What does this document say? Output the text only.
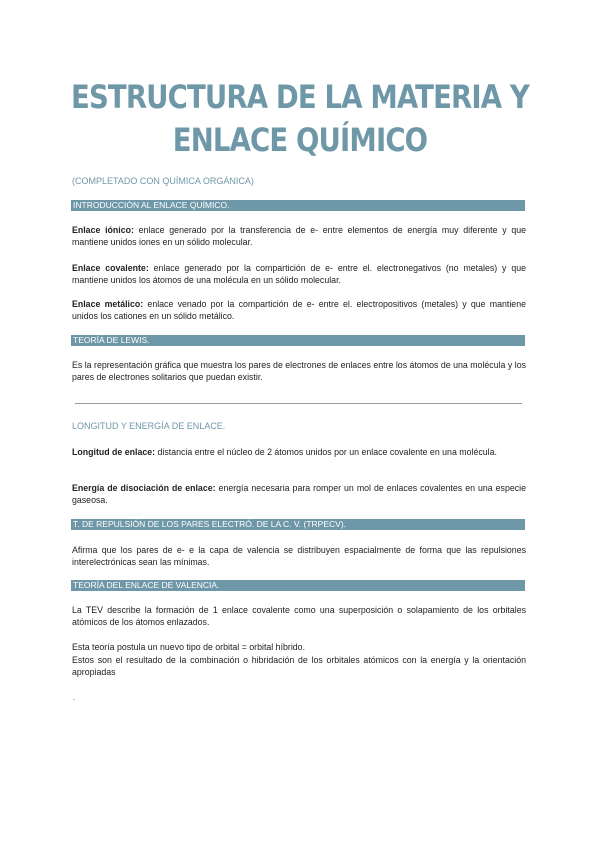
ESTRUCTURA DE LA MATERIA Y
ENLACE QUÍMICO
(COMPLETADO CON QUÍMICA ORGÁNICA)
INTRODUCCIÓN AL ENLACE QUÍMICO.

Enlace iónico: enlace generado por la transferencia de e- entre elementos de energía muy diferente y que mantiene unidos iones en un sólido molecular.

Enlace covalente: enlace generado por la compartición de e- entre el. electronegativos (no metales) y que mantiene unidos los átomos de una molécula en un sólido molecular.

Enlace metálico: enlace venado por la compartición de e- entre el. electropositivos (metales) y que mantiene unidos los cationes en un sólido metálico.

TEORÍA DE LEWIS.

Es la representación gráfica que muestra los pares de electrones de enlaces entre los átomos de una molécula y los pares de electrones solitarios que puedan existir.

LONGITUD Y ENERGÍA DE ENLACE.

Longitud de enlace: distancia entre el núcleo de 2 átomos unidos por un enlace covalente en una molécula.

Energía de disociación de enlace: energía necesaria para romper un mol de enlaces covalentes en una especie gaseosa.

T. DE REPULSIÓN DE LOS PARES ELECTRÓ. DE LA C. V. (TRPECV).

Afirma que los pares de e- e la capa de valencia se distribuyen espacialmente de forma que las repulsiones interelectrónicas sean las mínimas.

TEORÍA DEL ENLACE DE VALENCIA.

La TEV describe la formación de 1 enlace covalente como una superposición o solapamiento de los orbitales atómicos de los átomos enlazados.

Esta teoría postula un nuevo tipo de orbital = orbital híbrido.

Estos son el resultado de la combinación o hibridación de los orbitales atómicos con la energía y la orientación apropiadas

.
